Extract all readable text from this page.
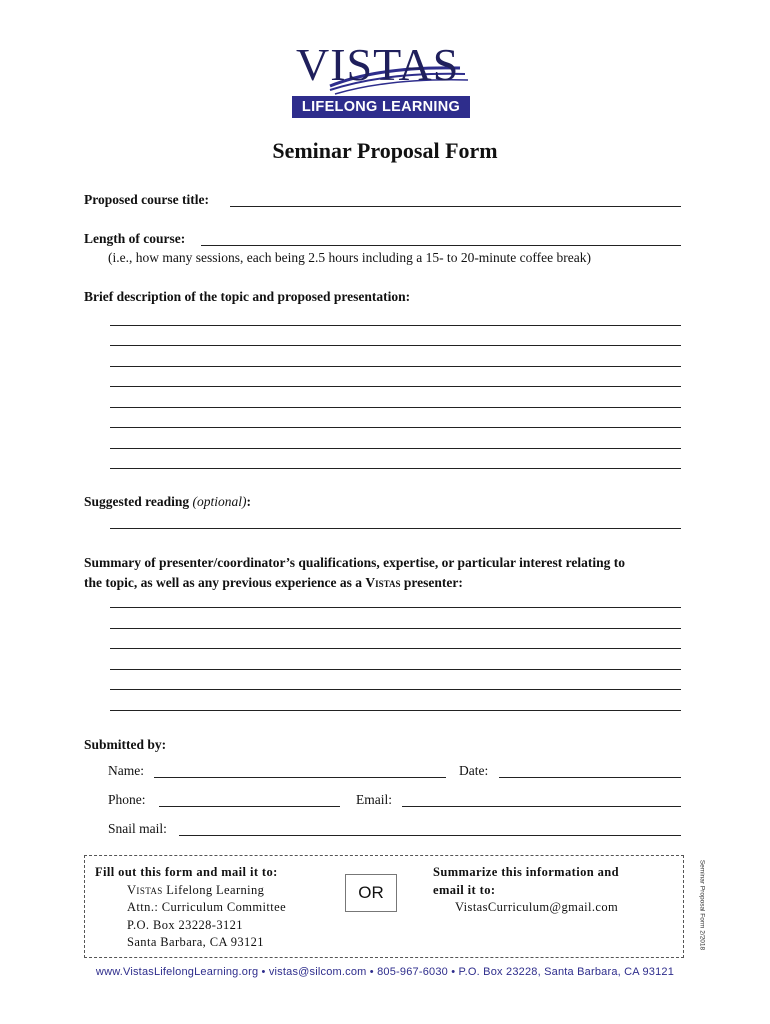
VISTAS
LIFELONG LEARNING
Seminar Proposal Form
Proposed course title:
Length of course:
(i.e., how many sessions, each being 2.5 hours including a 15- to 20-minute coffee break)
Brief description of the topic and proposed presentation:
Suggested reading (optional):
Summary of presenter/coordinator’s qualifications, expertise, or particular interest relating to
the topic, as well as any previous experience as a Vistas presenter:
Submitted by:
Name:	Date:
Phone:	Email:
Snail mail:
Fill out this form and mail it to:
Vistas Lifelong Learning
Attn.: Curriculum Committee
P.O. Box 23228-3121
Santa Barbara, CA 93121
OR
Summarize this information and
email it to:
VistasCurriculum@gmail.com	Seminar Proposal Form 2/2018
www.VistasLifelongLearning.org • vistas@silcom.com • 805-967-6030 • P.O. Box 23228, Santa Barbara, CA 93121
